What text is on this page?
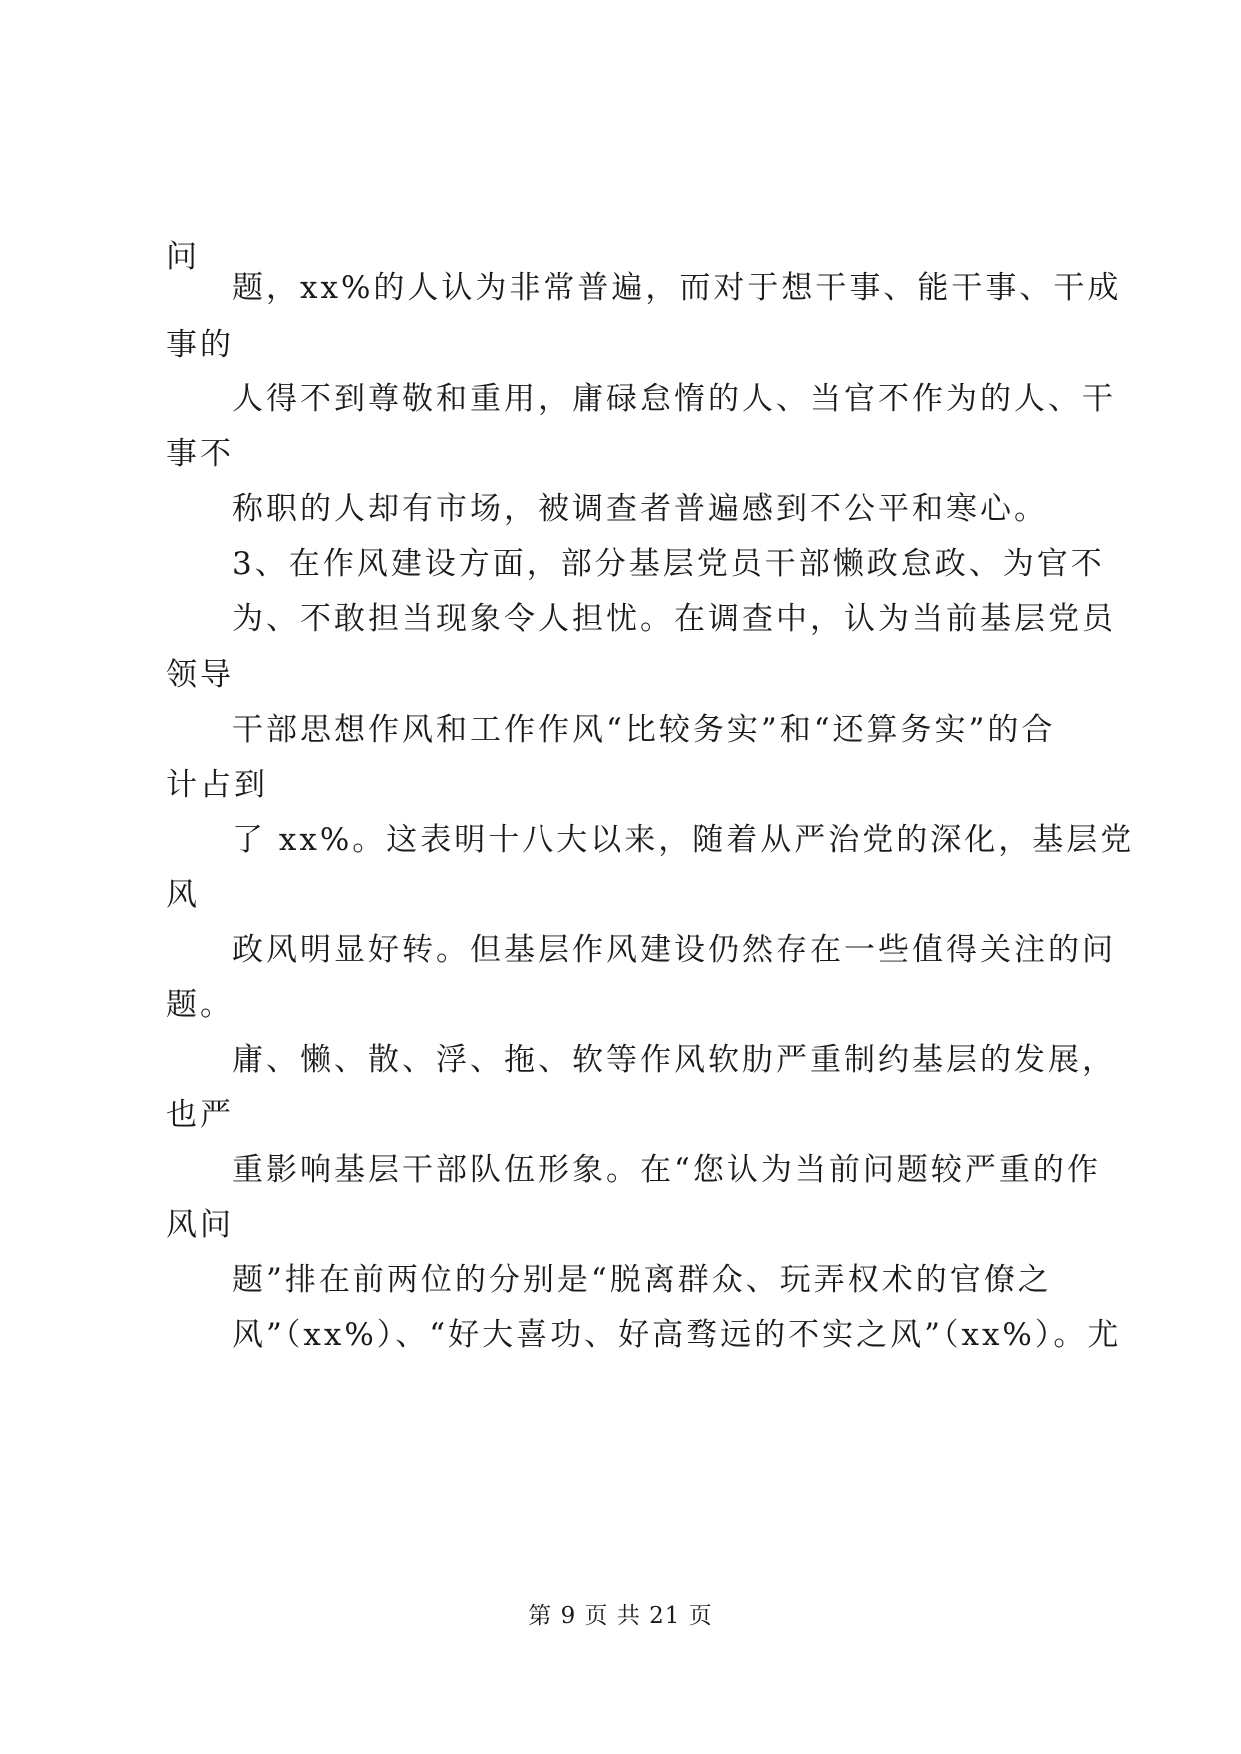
问
题，xx%的人认为非常普遍，而对于想干事、能干事、干成
事的
人得不到尊敬和重用，庸碌怠惰的人、当官不作为的人、干
事不
称职的人却有市场，被调查者普遍感到不公平和寒心。
3、在作风建设方面，部分基层党员干部懒政怠政、为官不
为、不敢担当现象令人担忧。在调查中，认为当前基层党员
领导
干部思想作风和工作作风“比较务实”和“还算务实”的合
计占到
了 xx%。这表明十八大以来，随着从严治党的深化，基层党
风
政风明显好转。但基层作风建设仍然存在一些值得关注的问
题。
庸、懒、散、浮、拖、软等作风软肋严重制约基层的发展，
也严
重影响基层干部队伍形象。在“您认为当前问题较严重的作
风问
题”排在前两位的分别是“脱离群众、玩弄权术的官僚之
风”（xx%）、“好大喜功、好高骛远的不实之风”（xx%）。尤
第 9 页 共 21 页
